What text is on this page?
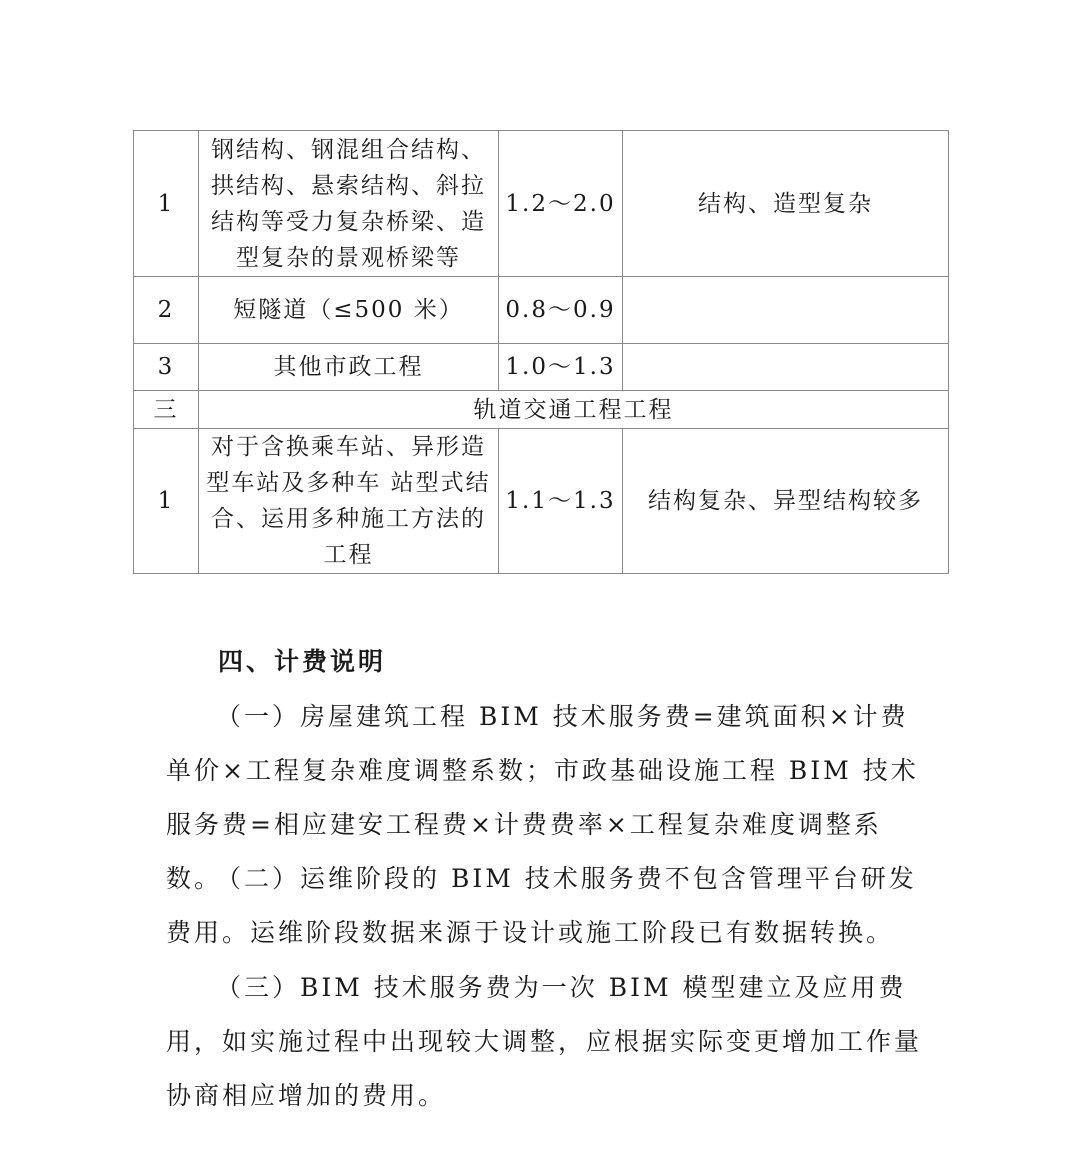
1	钢结构、钢混组合结构、拱结构、悬索结构、斜拉结构等受力复杂桥梁、造型复杂的景观桥梁等	1.2～2.0	结构、造型复杂
2	短隧道（≤500 米）	0.8～0.9	
3	其他市政工程	1.0～1.3	
三	轨道交通工程工程		
1	对于含换乘车站、异形造型车站及多种车 站型式结合、运用多种施工方法的工程	1.1～1.3	结构复杂、异型结构较多
四、计费说明

（一）房屋建筑工程 BIM 技术服务费=建筑面积×计费单价×工程复杂难度调整系数；市政基础设施工程 BIM 技术服务费=相应建安工程费×计费费率×工程复杂难度调整系数。

（二）运维阶段的 BIM 技术服务费不包含管理平台研发费用。运维阶段数据来源于设计或施工阶段已有数据转换。

（三）BIM 技术服务费为一次 BIM 模型建立及应用费用，如实施过程中出现较大调整，应根据实际变更增加工作量协商相应增加的费用。
